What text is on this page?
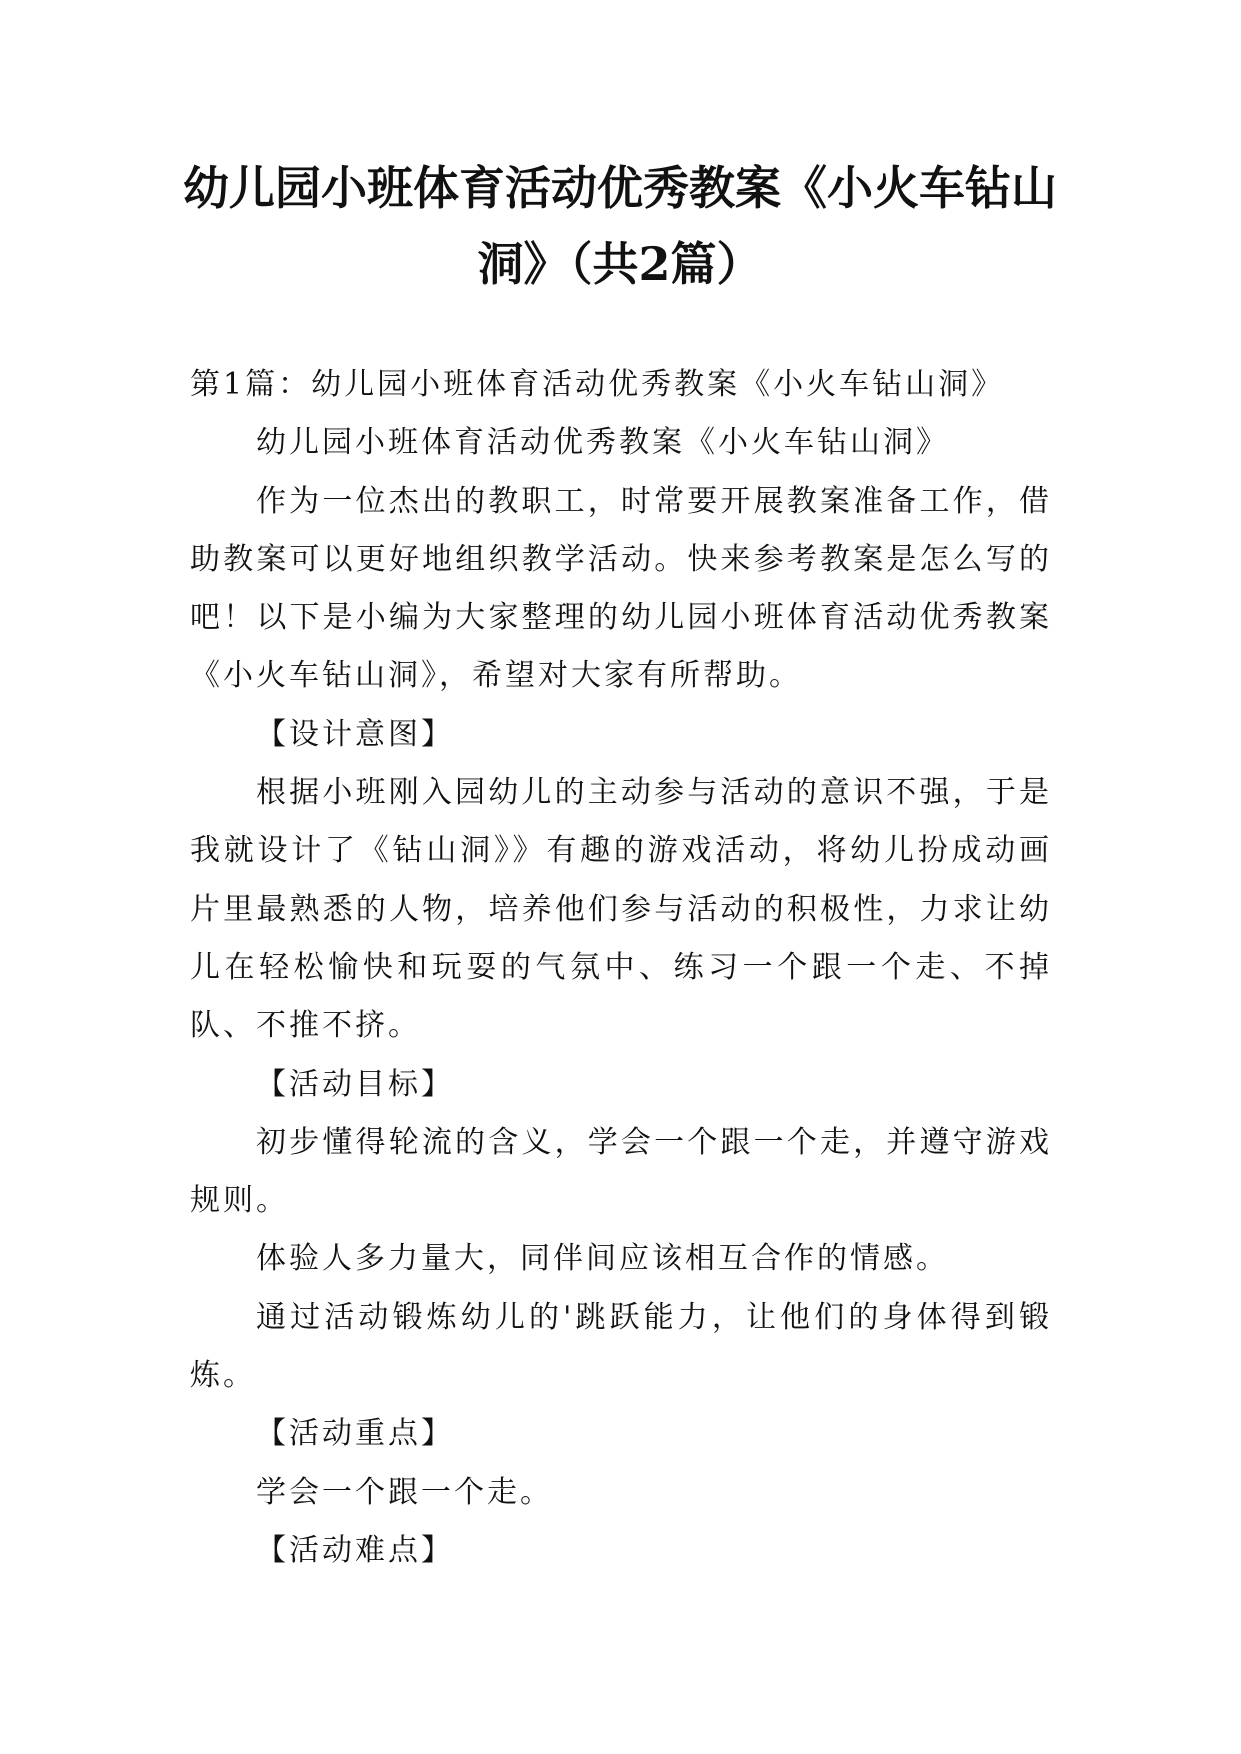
幼儿园小班体育活动优秀教案《小火车钻山洞》（共2篇）

第1篇：幼儿园小班体育活动优秀教案《小火车钻山洞》

幼儿园小班体育活动优秀教案《小火车钻山洞》

作为一位杰出的教职工，时常要开展教案准备工作，借助教案可以更好地组织教学活动。快来参考教案是怎么写的吧！以下是小编为大家整理的幼儿园小班体育活动优秀教案《小火车钻山洞》，希望对大家有所帮助。

【设计意图】

根据小班刚入园幼儿的主动参与活动的意识不强，于是我就设计了《钻山洞》》有趣的游戏活动，将幼儿扮成动画片里最熟悉的人物，培养他们参与活动的积极性，力求让幼儿在轻松愉快和玩耍的气氛中、练习一个跟一个走、不掉队、不推不挤。

【活动目标】

初步懂得轮流的含义，学会一个跟一个走，并遵守游戏规则。

体验人多力量大，同伴间应该相互合作的情感。

通过活动锻炼幼儿的'跳跃能力，让他们的身体得到锻炼。

【活动重点】

学会一个跟一个走。

【活动难点】
